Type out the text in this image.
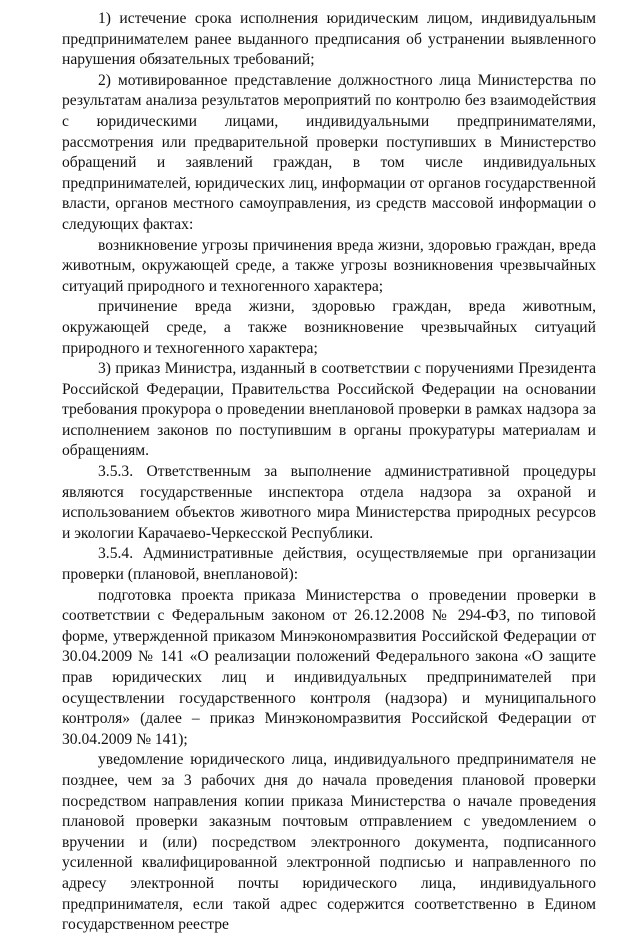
1) истечение срока исполнения юридическим лицом, индивидуальным предпринимателем ранее выданного предписания об устранении выявленного нарушения обязательных требований;

2) мотивированное представление должностного лица Министерства по результатам анализа результатов мероприятий по контролю без взаимодействия с юридическими лицами, индивидуальными предпринимателями, рассмотрения или предварительной проверки поступивших в Министерство обращений и заявлений граждан, в том числе индивидуальных предпринимателей, юридических лиц, информации от органов государственной власти, органов местного самоуправления, из средств массовой информации о следующих фактах:

возникновение угрозы причинения вреда жизни, здоровью граждан, вреда животным, окружающей среде, а также угрозы возникновения чрезвычайных ситуаций природного и техногенного характера;

причинение вреда жизни, здоровью граждан, вреда животным, окружающей среде, а также возникновение чрезвычайных ситуаций природного и техногенного характера;

3) приказ Министра, изданный в соответствии с поручениями Президента Российской Федерации, Правительства Российской Федерации на основании требования прокурора о проведении внеплановой проверки в рамках надзора за исполнением законов по поступившим в органы прокуратуры материалам и обращениям.

3.5.3. Ответственным за выполнение административной процедуры являются государственные инспектора отдела надзора за охраной и использованием объектов животного мира Министерства природных ресурсов и экологии Карачаево-Черкесской Республики.

3.5.4. Административные действия, осуществляемые при организации проверки (плановой, внеплановой):

подготовка проекта приказа Министерства о проведении проверки в соответствии с Федеральным законом от 26.12.2008 № 294-ФЗ, по типовой форме, утвержденной приказом Минэкономразвития Российской Федерации от 30.04.2009 № 141 «О реализации положений Федерального закона «О защите прав юридических лиц и индивидуальных предпринимателей при осуществлении государственного контроля (надзора) и муниципального контроля» (далее – приказ Минэкономразвития Российской Федерации от 30.04.2009 № 141);

уведомление юридического лица, индивидуального предпринимателя не позднее, чем за 3 рабочих дня до начала проведения плановой проверки посредством направления копии приказа Министерства о начале проведения плановой проверки заказным почтовым отправлением с уведомлением о вручении и (или) посредством электронного документа, подписанного усиленной квалифицированной электронной подписью и направленного по адресу электронной почты юридического лица, индивидуального предпринимателя, если такой адрес содержится соответственно в Едином государственном реестре
